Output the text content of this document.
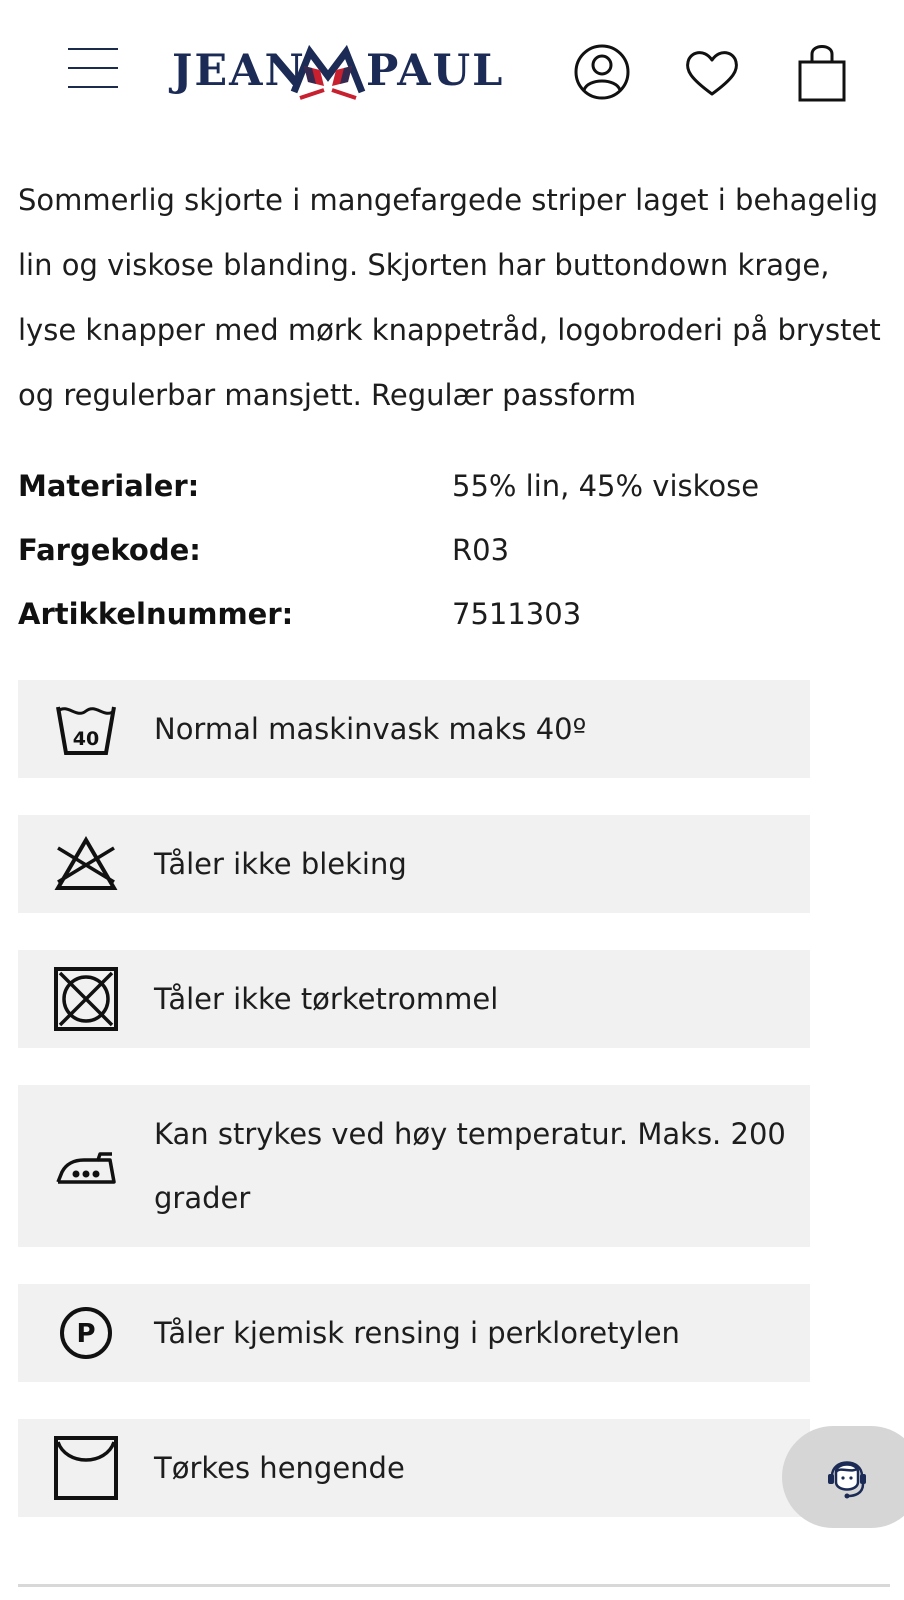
JEAN PAUL

Sommerlig skjorte i mangefargede striper laget i behagelig lin og viskose blanding. Skjorten har buttondown krage, lyse knapper med mørk knappetråd, logobroderi på brystet og regulerbar mansjett. Regulær passform

Materialer:	55% lin, 45% viskose
Fargekode:	R03
Artikkelnummer:	7511303
40 Normal maskinvask maks 40º
Tåler ikke bleking
Tåler ikke tørketrommel
Kan strykes ved høy temperatur. Maks. 200
grader
P Tåler kjemisk rensing i perkloretylen
Tørkes hengende
